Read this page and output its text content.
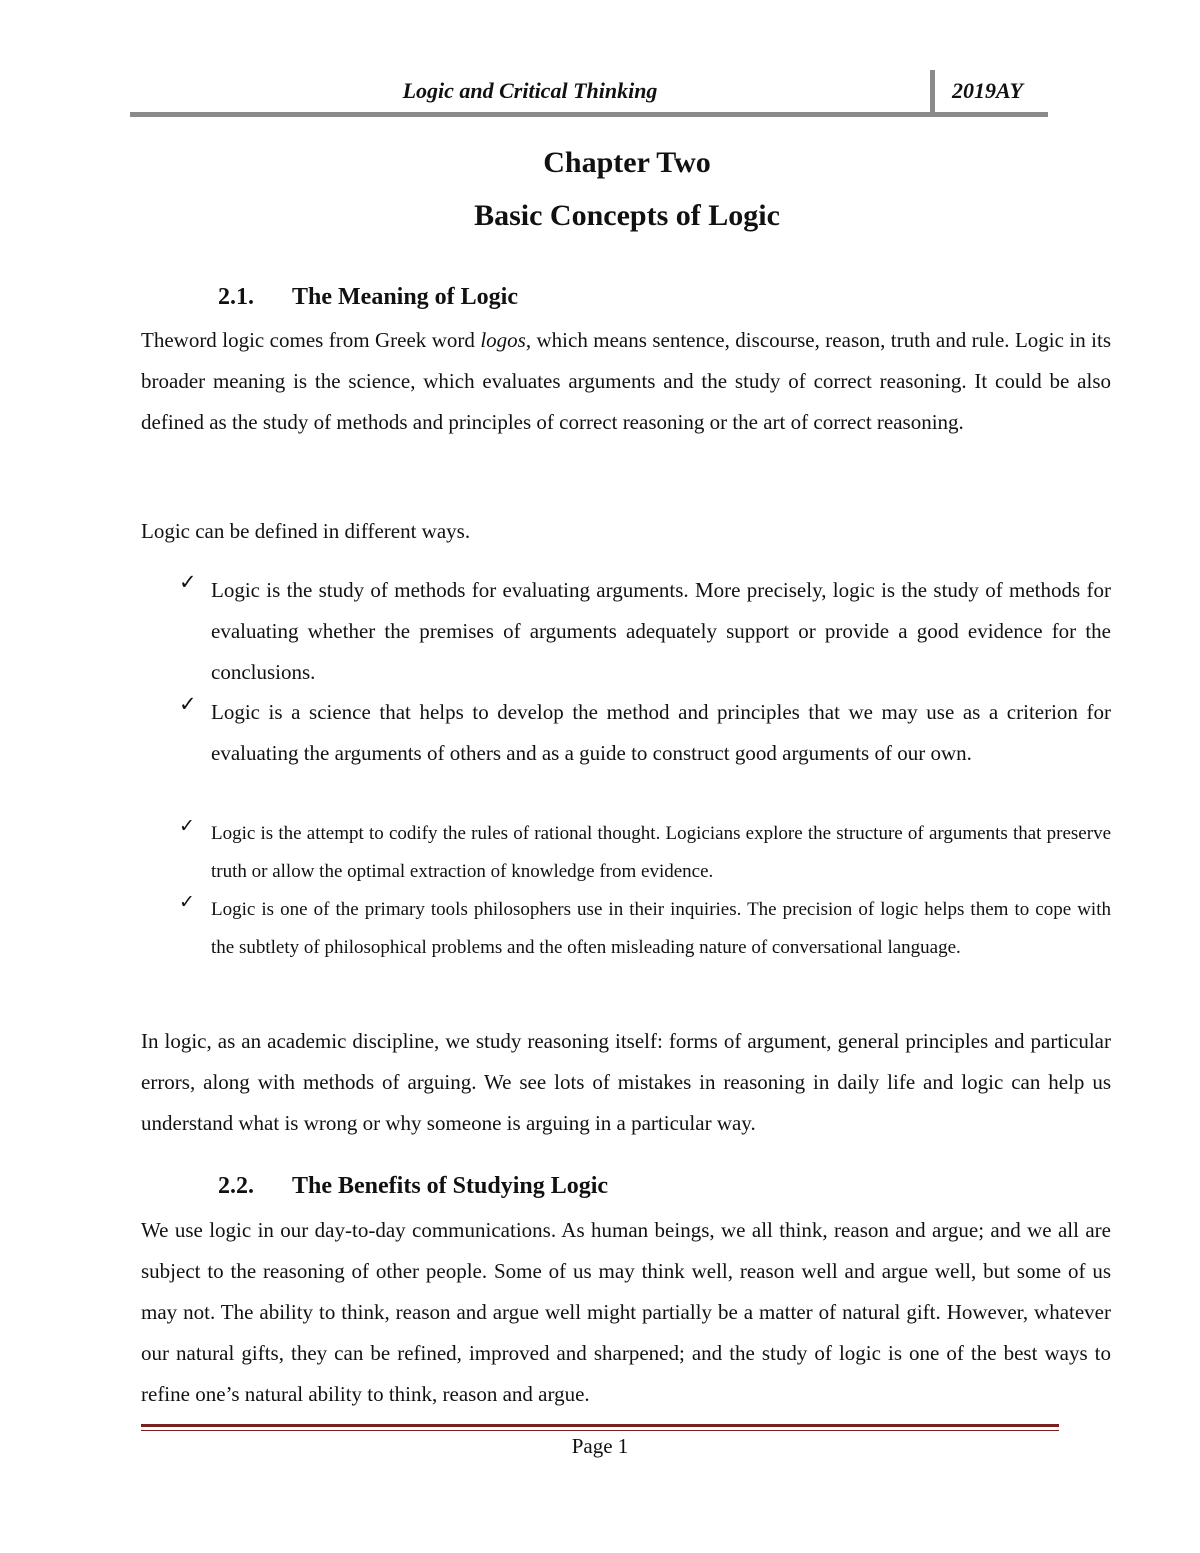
Logic and Critical Thinking	2019AY
Chapter Two
Basic Concepts of Logic
2.1. The Meaning of Logic
Theword logic comes from Greek word logos, which means sentence, discourse, reason, truth and rule. Logic in its broader meaning is the science, which evaluates arguments and the study of correct reasoning. It could be also defined as the study of methods and principles of correct reasoning or the art of correct reasoning.
Logic can be defined in different ways.
✓ Logic is the study of methods for evaluating arguments. More precisely, logic is the study of methods for evaluating whether the premises of arguments adequately support or provide a good evidence for the conclusions.
✓ Logic is a science that helps to develop the method and principles that we may use as a criterion for evaluating the arguments of others and as a guide to construct good arguments of our own.
✓ Logic is the attempt to codify the rules of rational thought. Logicians explore the structure of arguments that preserve truth or allow the optimal extraction of knowledge from evidence.
✓ Logic is one of the primary tools philosophers use in their inquiries. The precision of logic helps them to cope with the subtlety of philosophical problems and the often misleading nature of conversational language.
In logic, as an academic discipline, we study reasoning itself: forms of argument, general principles and particular errors, along with methods of arguing. We see lots of mistakes in reasoning in daily life and logic can help us understand what is wrong or why someone is arguing in a particular way.
2.2. The Benefits of Studying Logic
We use logic in our day-to-day communications. As human beings, we all think, reason and argue; and we all are subject to the reasoning of other people. Some of us may think well, reason well and argue well, but some of us may not. The ability to think, reason and argue well might partially be a matter of natural gift. However, whatever our natural gifts, they can be refined, improved and sharpened; and the study of logic is one of the best ways to refine one’s natural ability to think, reason and argue.
Page 1
